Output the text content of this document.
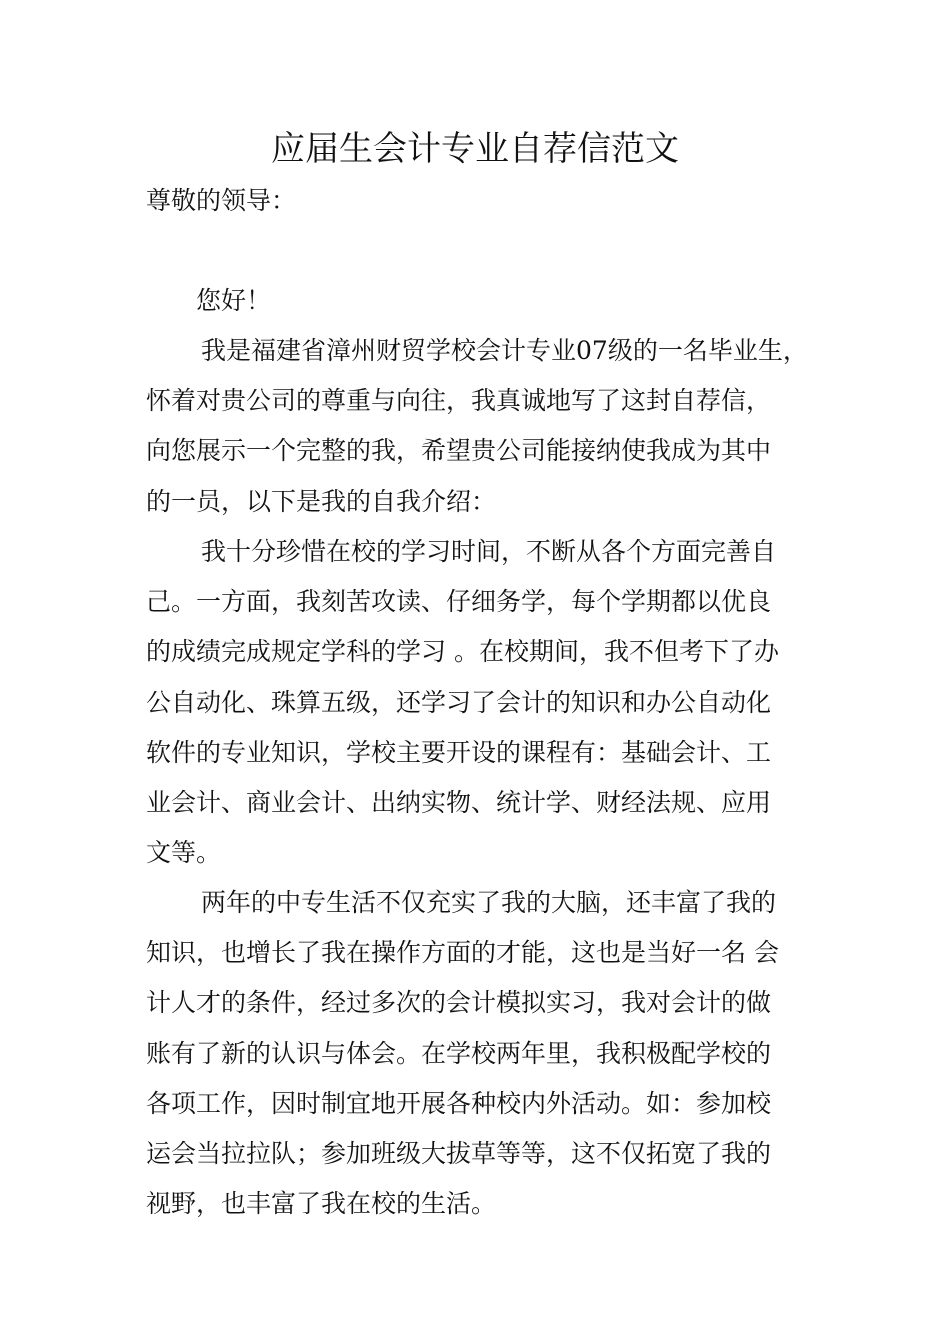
应届生会计专业自荐信范文
尊敬的领导：
您好！

我是福建省漳州财贸学校会计专业07级的一名毕业生，
怀着对贵公司的尊重与向往，我真诚地写了这封自荐信，
向您展示一个完整的我，希望贵公司能接纳使我成为其中
的一员，以下是我的自我介绍：

我十分珍惜在校的学习时间，不断从各个方面完善自
己。一方面，我刻苦攻读、仔细务学，每个学期都以优良
的成绩完成规定学科的学习 。在校期间，我不但考下了办
公自动化、珠算五级，还学习了会计的知识和办公自动化
软件的专业知识，学校主要开设的课程有：基础会计、工
业会计、商业会计、出纳实物、统计学、财经法规、应用
文等。

两年的中专生活不仅充实了我的大脑，还丰富了我的
知识，也增长了我在操作方面的才能，这也是当好一名 会
计人才的条件，经过多次的会计模拟实习，我对会计的做
账有了新的认识与体会。在学校两年里，我积极配学校的
各项工作，因时制宜地开展各种校内外活动。如：参加校
运会当拉拉队；参加班级大拔草等等，这不仅拓宽了我的
视野，也丰富了我在校的生活。
